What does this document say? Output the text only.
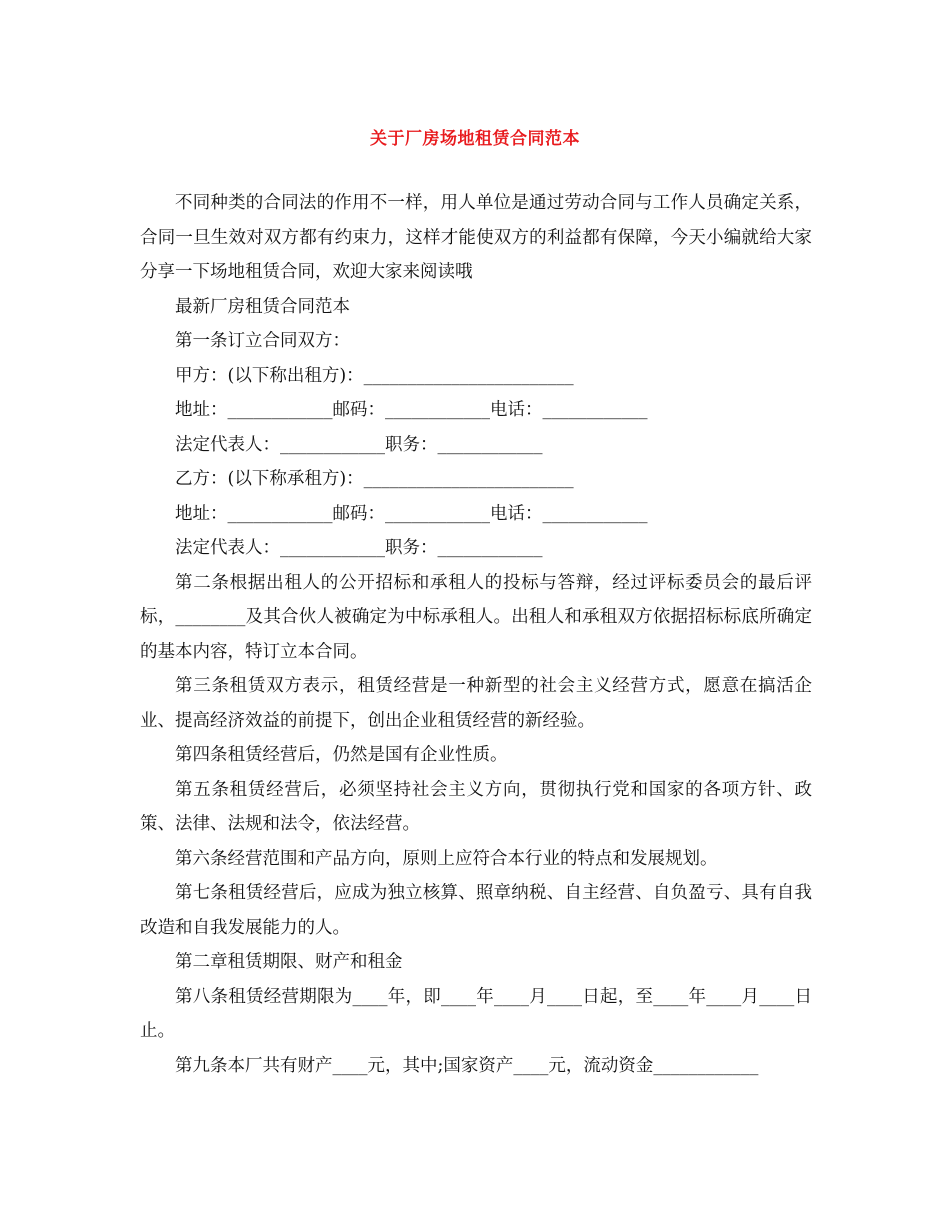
关于厂房场地租赁合同范本

不同种类的合同法的作用不一样，用人单位是通过劳动合同与工作人员确定关系，合同一旦生效对双方都有约束力，这样才能使双方的利益都有保障，今天小编就给大家分享一下场地租赁合同，欢迎大家来阅读哦

最新厂房租赁合同范本

第一条订立合同双方：

甲方：(以下称出租方)：________________________

地址：____________邮码：____________电话：____________

法定代表人：____________职务：____________

乙方：(以下称承租方)：________________________

地址：____________邮码：____________电话：____________

法定代表人：____________职务：____________

第二条根据出租人的公开招标和承租人的投标与答辩，经过评标委员会的最后评标，________及其合伙人被确定为中标承租人。出租人和承租双方依据招标标底所确定的基本内容，特订立本合同。

第三条租赁双方表示，租赁经营是一种新型的社会主义经营方式，愿意在搞活企业、提高经济效益的前提下，创出企业租赁经营的新经验。

第四条租赁经营后，仍然是国有企业性质。

第五条租赁经营后，必须坚持社会主义方向，贯彻执行党和国家的各项方针、政策、法律、法规和法令，依法经营。

第六条经营范围和产品方向，原则上应符合本行业的特点和发展规划。

第七条租赁经营后，应成为独立核算、照章纳税、自主经营、自负盈亏、具有自我改造和自我发展能力的人。

第二章租赁期限、财产和租金

第八条租赁经营期限为____年，即____年____月____日起，至____年____月____日止。

第九条本厂共有财产____元，其中;国家资产____元，流动资金____________
